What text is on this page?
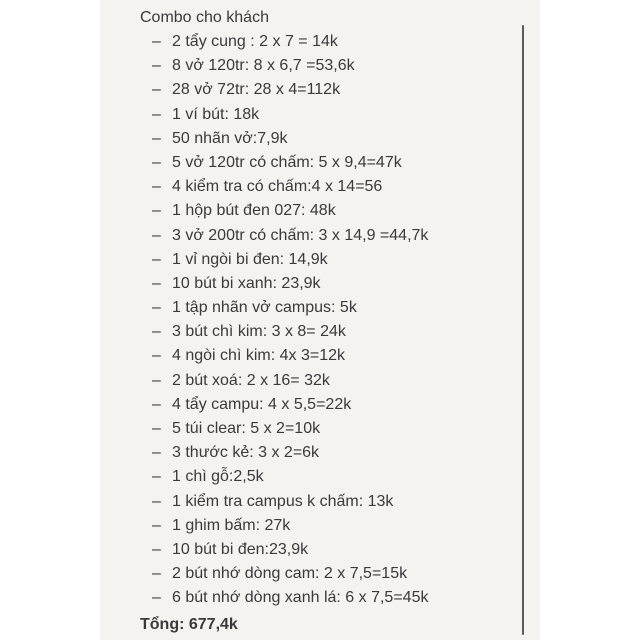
Combo cho khách
– 2 tẩy cung : 2 x 7 = 14k
– 8 vở 120tr: 8 x 6,7 =53,6k
– 28 vở 72tr: 28 x 4=112k
– 1 ví bút: 18k
– 50 nhãn vở:7,9k
– 5 vở 120tr có chấm: 5 x 9,4=47k
– 4 kiểm tra có chấm:4 x 14=56
– 1 hộp bút đen 027: 48k
– 3 vở 200tr có chấm: 3 x 14,9 =44,7k
– 1 vỉ ngòi bi đen: 14,9k
– 10 bút bi xanh: 23,9k
– 1 tập nhãn vở campus: 5k
– 3 bút chì kim: 3 x 8= 24k
– 4 ngòi chì kim: 4x 3=12k
– 2 bút xoá: 2 x 16= 32k
– 4 tẩy campu: 4 x 5,5=22k
– 5 túi clear: 5 x 2=10k
– 3 thước kẻ: 3 x 2=6k
– 1 chì gỗ:2,5k
– 1 kiểm tra campus k chấm: 13k
– 1 ghim bấm: 27k
– 10 bút bi đen:23,9k
– 2 bút nhớ dòng cam: 2 x 7,5=15k
– 6 bút nhớ dòng xanh lá: 6 x 7,5=45k
Tổng: 677,4k
